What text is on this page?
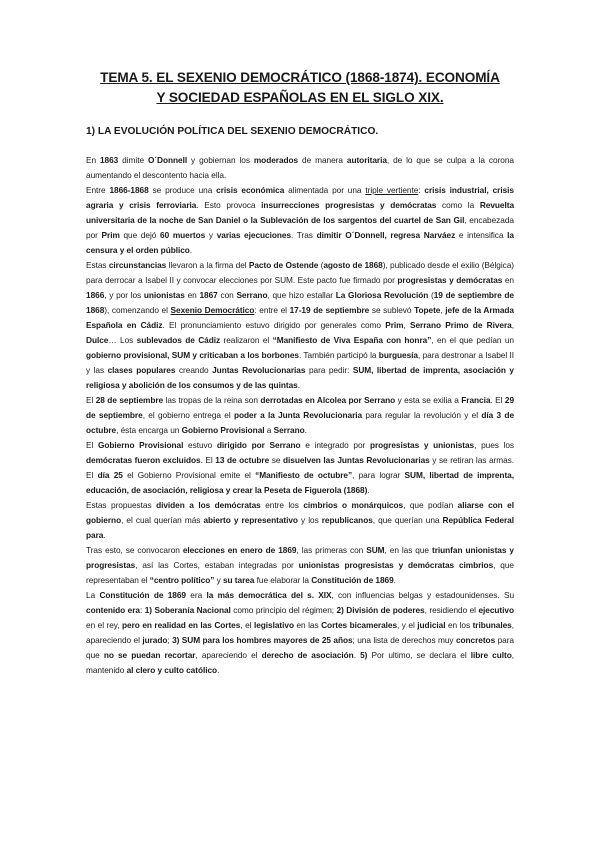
TEMA 5. EL SEXENIO DEMOCRÁTICO (1868-1874). ECONOMÍA
Y SOCIEDAD ESPAÑOLAS EN EL SIGLO XIX.
1) LA EVOLUCIÓN POLÍTICA DEL SEXENIO DEMOCRÁTICO.

En 1863 dimite O´Donnell y gobiernan los moderados de manera autoritaria, de lo que se culpa a la corona aumentando el descontento hacia ella.

Entre 1866-1868 se produce una crisis económica alimentada por una triple vertiente: crisis industrial, crisis agraria y crisis ferroviaria. Esto provoca insurrecciones progresistas y demócratas como la Revuelta universitaria de la noche de San Daniel o la Sublevación de los sargentos del cuartel de San Gil, encabezada por Prim que dejó 60 muertos y varias ejecuciones. Tras dimitir O´Donnell, regresa Narváez e intensifica la censura y el orden público.

Estas circunstancias llevaron a la firma del Pacto de Ostende (agosto de 1868), publicado desde el exilio (Bélgica) para derrocar a Isabel II y convocar elecciones por SUM. Este pacto fue firmado por progresistas y demócratas en 1866, y por los unionistas en 1867 con Serrano, que hizo estallar La Gloriosa Revolución (19 de septiembre de 1868), comenzando el Sexenio Democrático: entre el 17-19 de septiembre se sublevó Topete, jefe de la Armada Española en Cádiz. El pronunciamiento estuvo dirigido por generales como Prim, Serrano Primo de Rivera, Dulce… Los sublevados de Cádiz realizaron el “Manifiesto de Viva España con honra”, en el que pedían un gobierno provisional, SUM y criticaban a los borbones. También participó la burguesía, para destronar a Isabel II y las clases populares creando Juntas Revolucionarias para pedir: SUM, libertad de imprenta, asociación y religiosa y abolición de los consumos y de las quintas.

El 28 de septiembre las tropas de la reina son derrotadas en Alcolea por Serrano y esta se exilia a Francia. El 29 de septiembre, el gobierno entrega el poder a la Junta Revolucionaria para regular la revolución y el día 3 de octubre, ésta encarga un Gobierno Provisional a Serrano.

El Gobierno Provisional estuvo dirigido por Serrano e integrado por progresistas y unionistas, pues los demócratas fueron excluidos. El 13 de octubre se disuelven las Juntas Revolucionarias y se retiran las armas. El día 25 el Gobierno Provisional emite el “Manifiesto de octubre”, para lograr SUM, libertad de imprenta, educación, de asociación, religiosa y crear la Peseta de Figuerola (1868).

Estas propuestas dividen a los demócratas entre los cimbrios o monárquicos, que podían aliarse con el gobierno, el cual querían más abierto y representativo y los republicanos, que querían una República Federal para.

Tras esto, se convocaron elecciones en enero de 1869, las primeras con SUM, en las que triunfan unionistas y progresistas, así las Cortes, estaban integradas por unionistas progresistas y demócratas cimbrios, que representaban el “centro político” y su tarea fue elaborar la Constitución de 1869.

La Constitución de 1869 era la más democrática del s. XIX, con influencias belgas y estadounidenses. Su contenido era: 1) Soberanía Nacional como principio del régimen; 2) División de poderes, residiendo el ejecutivo en el rey, pero en realidad en las Cortes, el legislativo en las Cortes bicamerales, y el judicial en los tribunales, apareciendo el jurado; 3) SUM para los hombres mayores de 25 años; una lista de derechos muy concretos para que no se puedan recortar, apareciendo el derecho de asociación. 5) Por ultimo, se declara el libre culto, mantenido al clero y culto católico.
